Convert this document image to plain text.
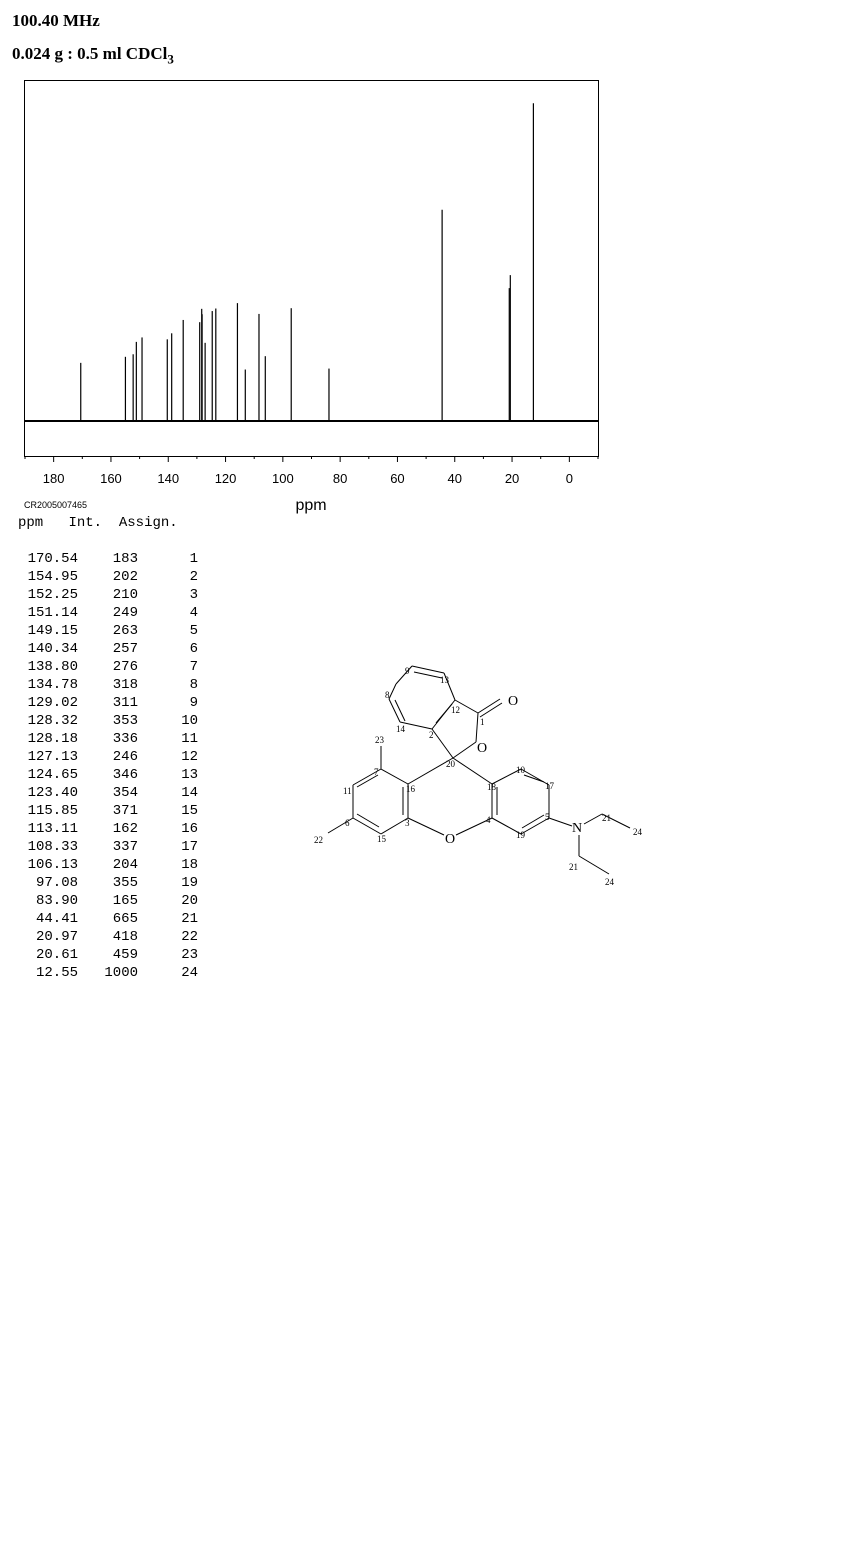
100.40 MHz
0.024 g : 0.5 ml CDCl$_3$
180	160	140	120	100	80	60	40	20	0
ppm
CR2005007465
ppm Int. Assign.
170.54 183	1
154.95 202	2
152.25 210	3
151.14 249	4
149.15 263	5
140.34 257	6
138.80 276	7
134.78 318	8
129.02 311	9
128.32 353	10
128.18 336	11
127.13 246	12
124.65 346	13
123.40 354	14
115.85 371	15
113.11 162	16
108.33 337	17
106.13 204	18
97.08 355	19
83.90 165	20
44.41 665	21
20.97 418	22
20.61 459	23
12.55 1000	24
O
O
O
N
1
2
3	4	5
6
7
8
9
10
11
12
13
14
15
16	17
18
19
20
21
21
22
23
24
24
